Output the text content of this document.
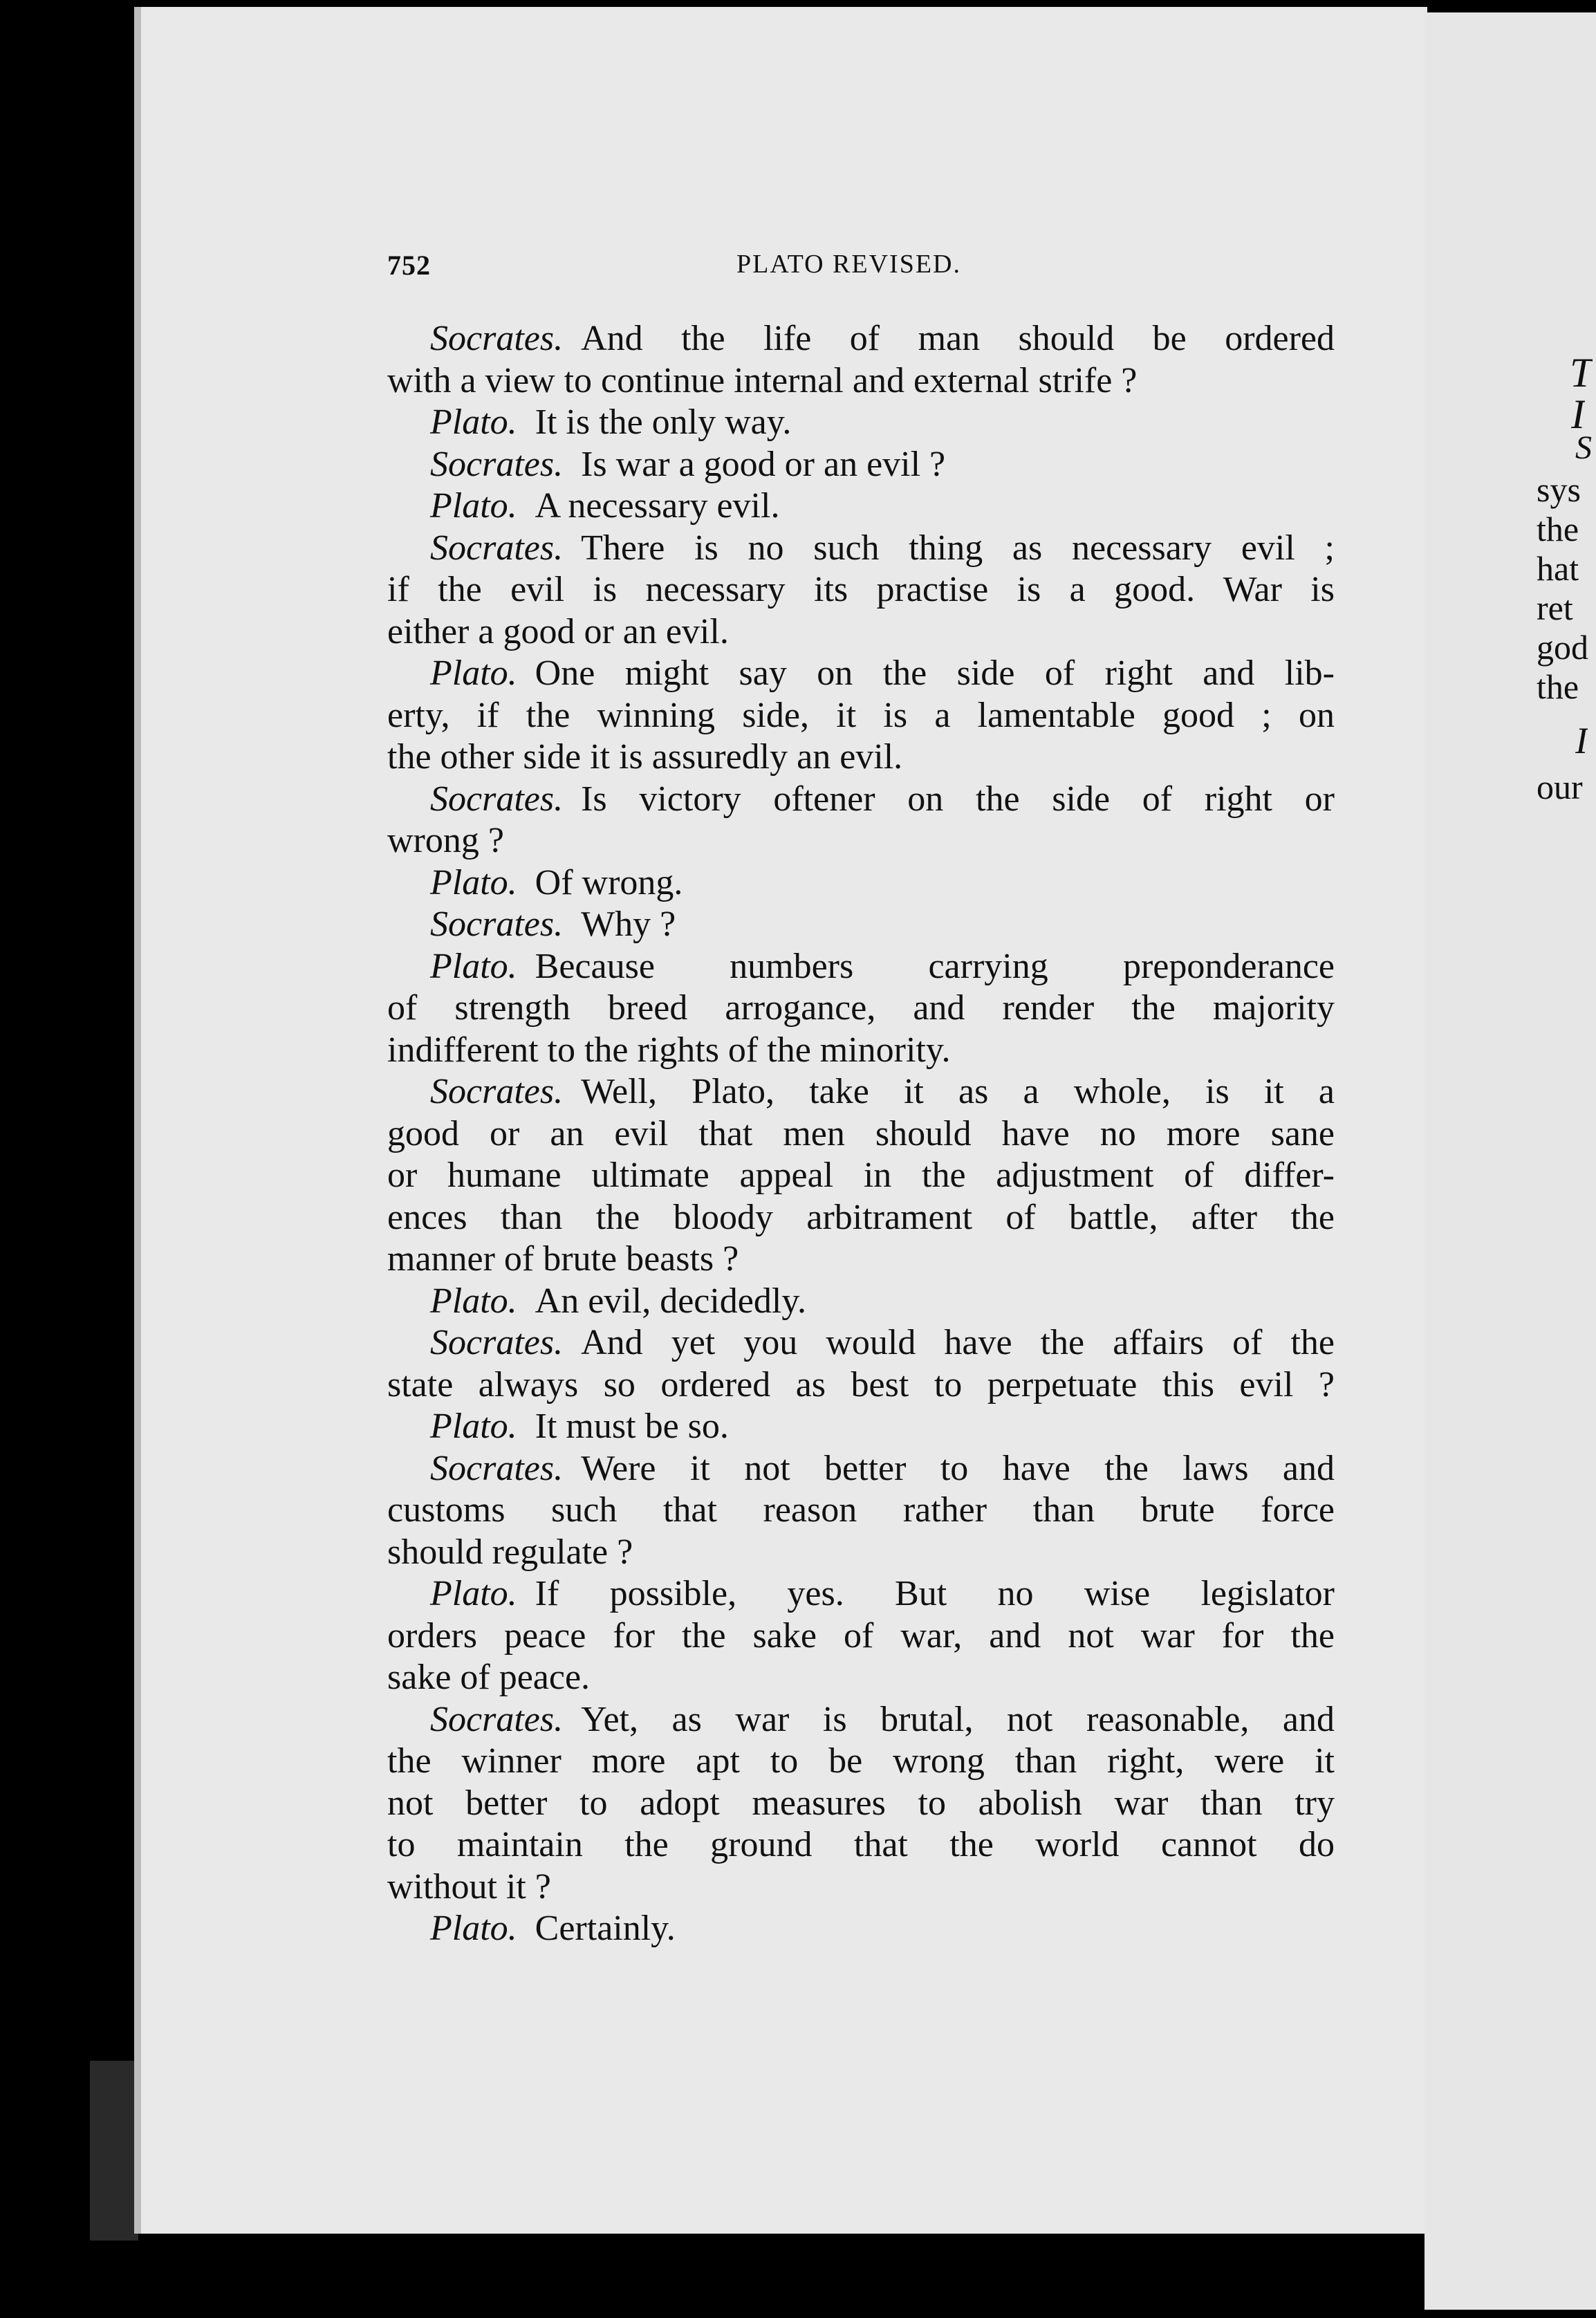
752	PLATO REVISED.
Socrates. And the life of man should be ordered
with a view to continue internal and external strife ?
Plato. It is the only way.
Socrates. Is war a good or an evil ?
Plato. A necessary evil.
Socrates. There is no such thing as necessary evil ;
if the evil is necessary its practise is a good. War is
either a good or an evil.
Plato. One might say on the side of right and lib-
erty, if the winning side, it is a lamentable good ; on
the other side it is assuredly an evil.
Socrates. Is victory oftener on the side of right or
wrong ?
Plato. Of wrong.
Socrates. Why ?
Plato. Because numbers carrying preponderance
of strength breed arrogance, and render the majority
indifferent to the rights of the minority.
Socrates. Well, Plato, take it as a whole, is it a
good or an evil that men should have no more sane
or humane ultimate appeal in the adjustment of differ-
ences than the bloody arbitrament of battle, after the
manner of brute beasts ?
Plato. An evil, decidedly.
Socrates. And yet you would have the affairs of the
state always so ordered as best to perpetuate this evil ?
Plato. It must be so.
Socrates. Were it not better to have the laws and
customs such that reason rather than brute force
should regulate ?
Plato. If possible, yes. But no wise legislator
orders peace for the sake of war, and not war for the
sake of peace.
Socrates. Yet, as war is brutal, not reasonable, and
the winner more apt to be wrong than right, were it
not better to adopt measures to abolish war than try
to maintain the ground that the world cannot do
without it ?
Plato. Certainly.
T
I
S
sys
the
hat
ret
god
the
I
our
